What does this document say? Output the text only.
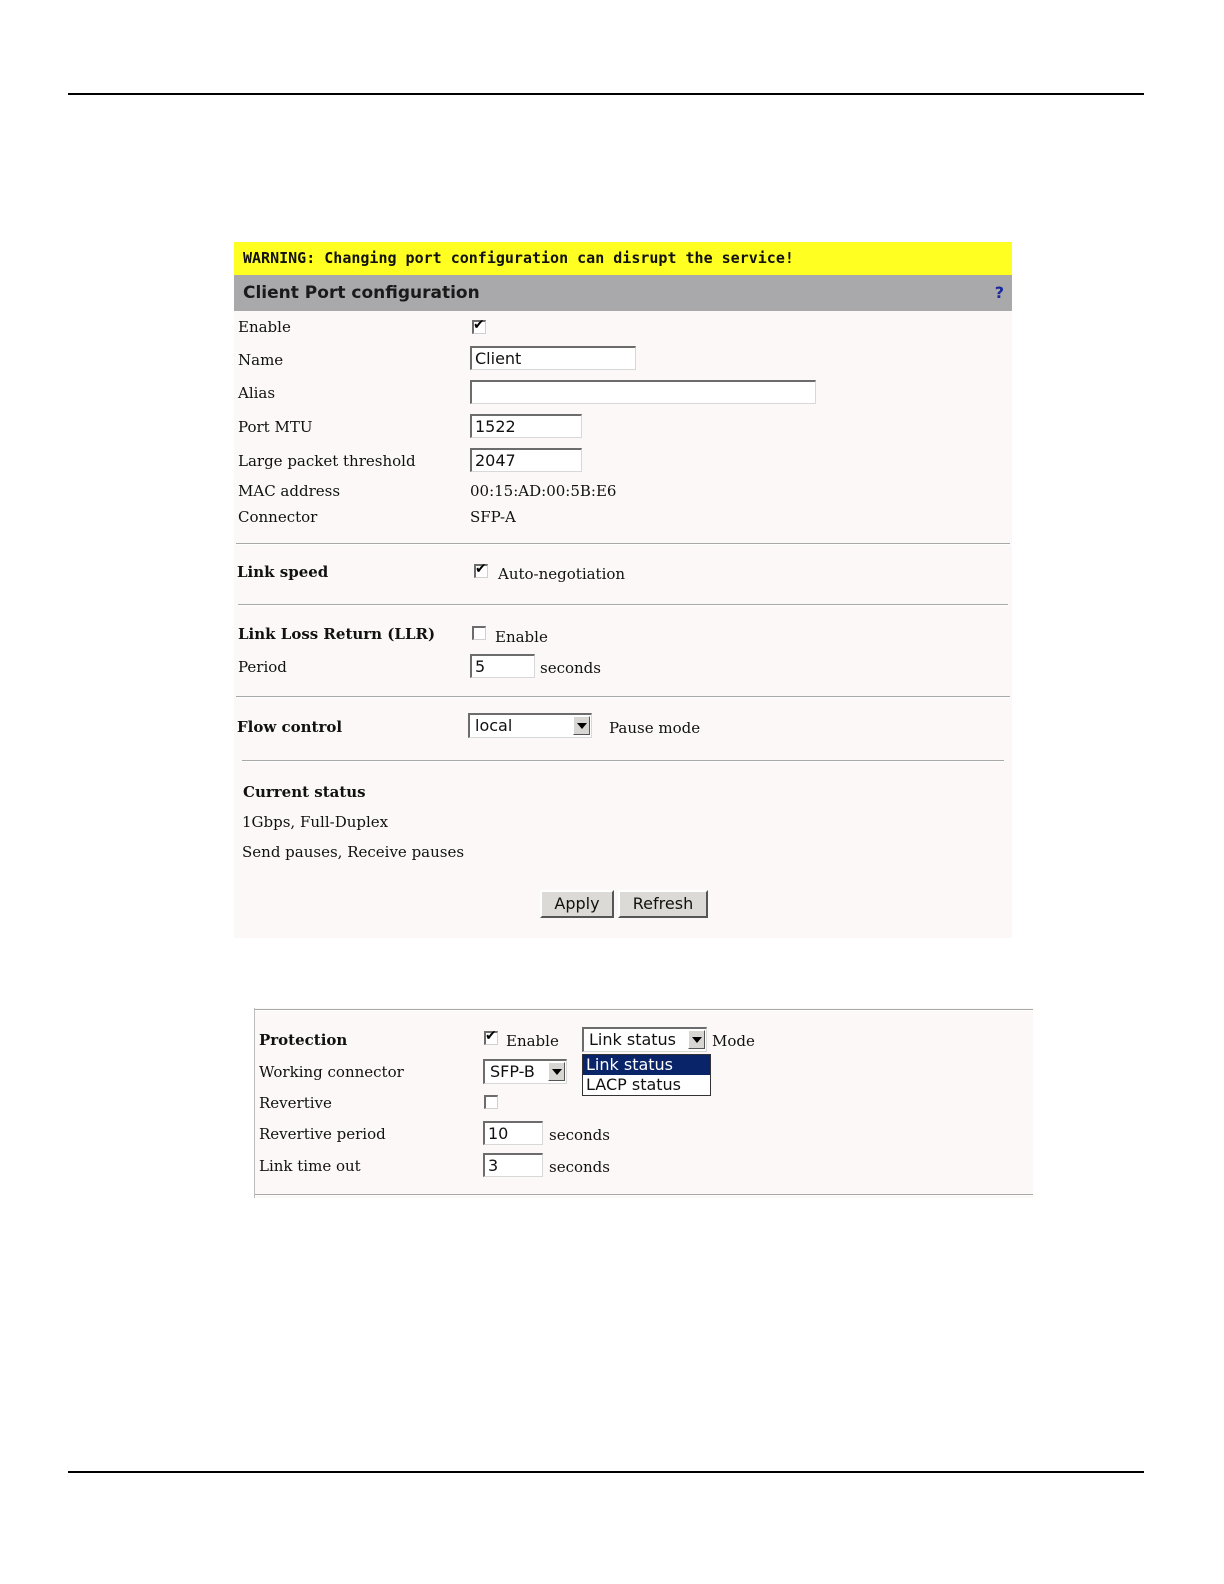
WARNING: Changing port configuration can disrupt the service!
Client Port configuration	?
Enable	✔
Name	Client
Alias
Port MTU	1522
Large packet threshold	2047
MAC address	00:15:AD:00:5B:E6
Connector	SFP-A
Link speed	✔ Auto-negotiation
Link Loss Return (LLR)	Enable
Period	5	seconds
Flow control	local	Pause mode
Current status
1Gbps, Full-Duplex
Send pauses, Receive pauses
Apply	Refresh
Protection	✔ Enable	Link status	Mode
Link status
LACP status
Working connector	SFP-B
Revertive
Revertive period	10	seconds
Link time out	3	seconds
